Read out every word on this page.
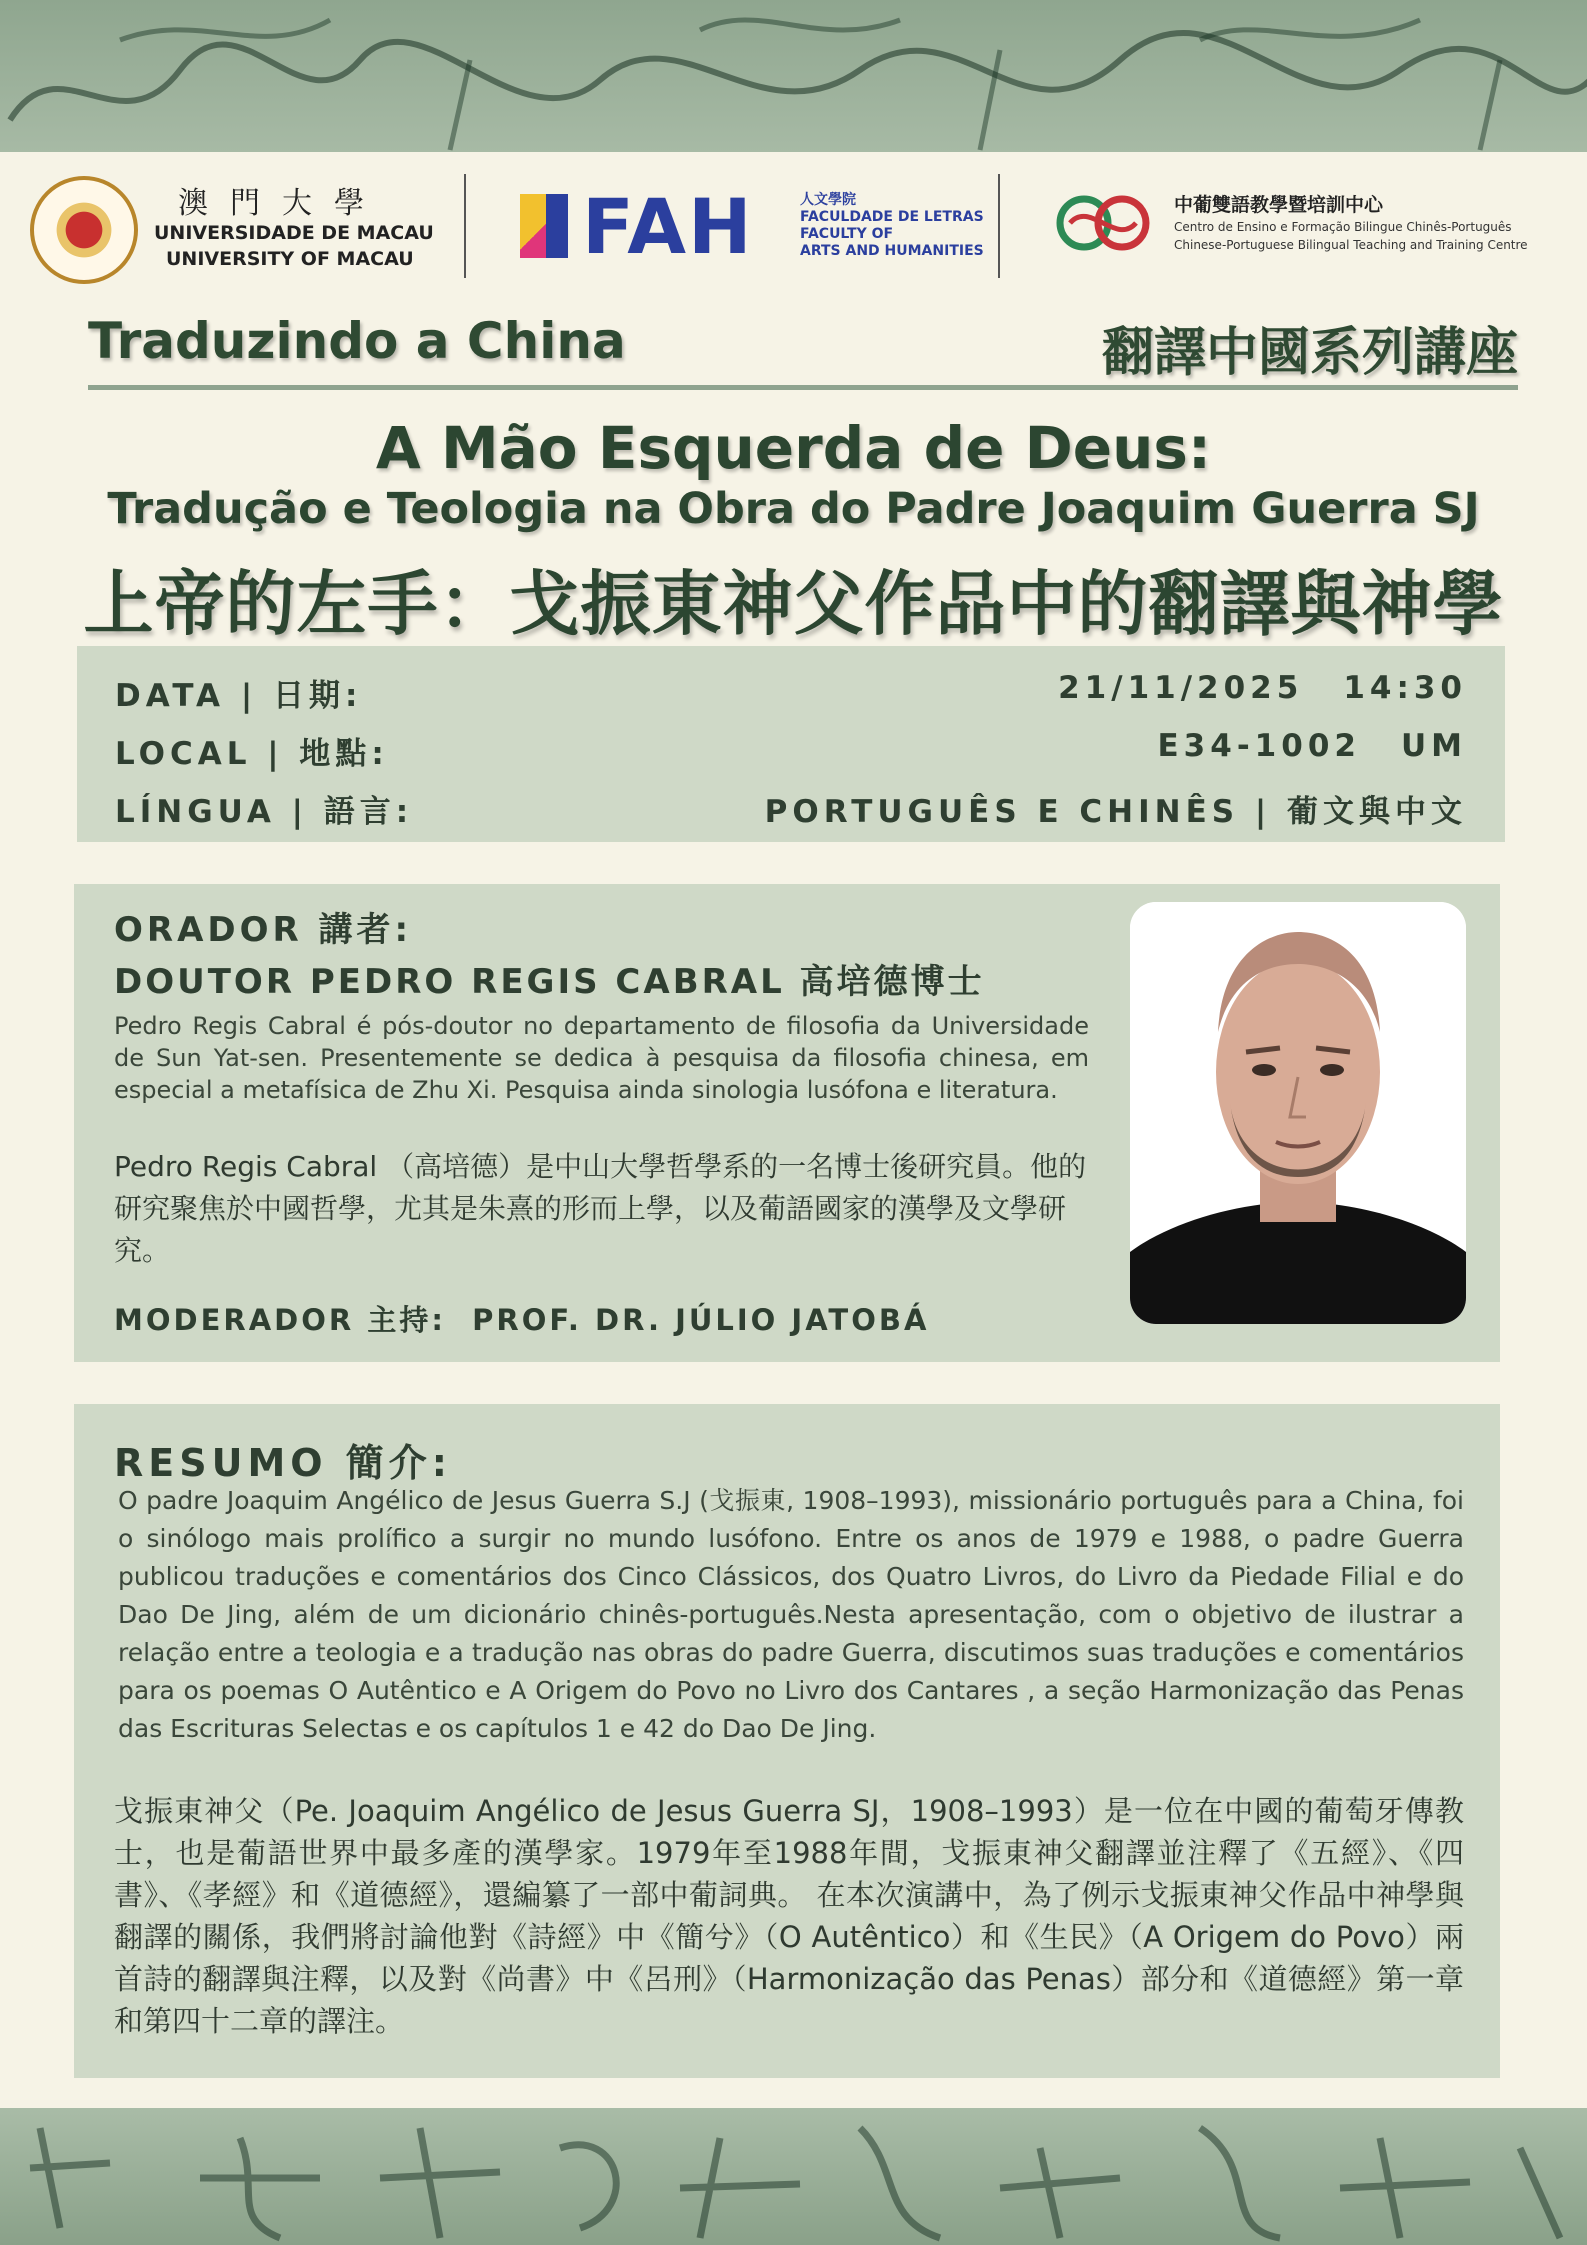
澳門大學
UNIVERSIDADE DE MACAU
UNIVERSITY OF MACAU FAH	人文學院
FACULDADE DE LETRAS
FACULTY OF
ARTS AND HUMANITIES
中葡雙語教學暨培訓中心
Centro de Ensino e Formação Bilingue Chinês-Português
Chinese-Portuguese Bilingual Teaching and Training Centre
Traduzindo a China	翻譯中國系列講座
A Mão Esquerda de Deus:
Tradução e Teologia na Obra do Padre Joaquim Guerra SJ
上帝的左手：戈振東神父作品中的翻譯與神學
DATA | 日期:	21/11/2025 14:30
LOCAL | 地點:	E34-1002 UM
LÍNGUA | 語言:	PORTUGUÊS E CHINÊS | 葡文與中文
ORADOR 講者:
DOUTOR PEDRO REGIS CABRAL 高培德博士
Pedro Regis Cabral é pós-doutor no departamento de filosofia da Universidade de Sun Yat-sen. Presentemente se dedica à pesquisa da filosofia chinesa, em especial a metafísica de Zhu Xi. Pesquisa ainda sinologia lusófona e literatura.
Pedro Regis Cabral （高培德）是中山大學哲學系的一名博士後研究員。他的研究聚焦於中國哲學，尤其是朱熹的形而上學，以及葡語國家的漢學及文學研究。
MODERADOR 主持: PROF. DR. JÚLIO JATOBÁ
RESUMO 簡介:
O padre Joaquim Angélico de Jesus Guerra S.J (戈振東, 1908–1993), missionário português para a China, foi o sinólogo mais prolífico a surgir no mundo lusófono. Entre os anos de 1979 e 1988, o padre Guerra publicou traduções e comentários dos Cinco Clássicos, dos Quatro Livros, do Livro da Piedade Filial e do Dao De Jing, além de um dicionário chinês-português.Nesta apresentação, com o objetivo de ilustrar a relação entre a teologia e a tradução nas obras do padre Guerra, discutimos suas traduções e comentários para os poemas O Autêntico e A Origem do Povo no Livro dos Cantares , a seção Harmonização das Penas das Escrituras Selectas e os capítulos 1 e 42 do Dao De Jing.
戈振東神父（Pe. Joaquim Angélico de Jesus Guerra SJ，1908–1993）是一位在中國的葡萄牙傳教士，也是葡語世界中最多產的漢學家。1979年至1988年間，戈振東神父翻譯並注釋了《五經》、《四書》、《孝經》和《道德經》，還編纂了一部中葡詞典。 在本次演講中，為了例示戈振東神父作品中神學與翻譯的關係，我們將討論他對《詩經》中《簡兮》（O Autêntico）和《生民》（A Origem do Povo）兩首詩的翻譯與注釋，以及對《尚書》中《呂刑》（Harmonização das Penas）部分和《道德經》第一章和第四十二章的譯注。
